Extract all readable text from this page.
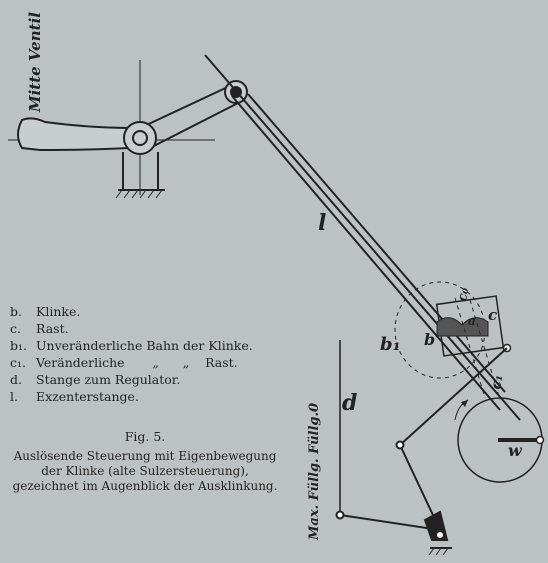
Mitte Ventil
l
d
b₁ b
c₀
c
c₁
a
w
Max. Füllg. Füllg.0
b.	Klinke.
c.	Rast.
b₁. Unveränderliche Bahn der Klinke.
c₁. Veränderliche       „      „    Rast.
d.	Stange zum Regulator.
l.	Exzenterstange.
Fig. 5.
Auslösende Steuerung mit Eigenbewegung der Klinke (alte Sulzersteuerung), gezeichnet im Augenblick der Ausklinkung.
